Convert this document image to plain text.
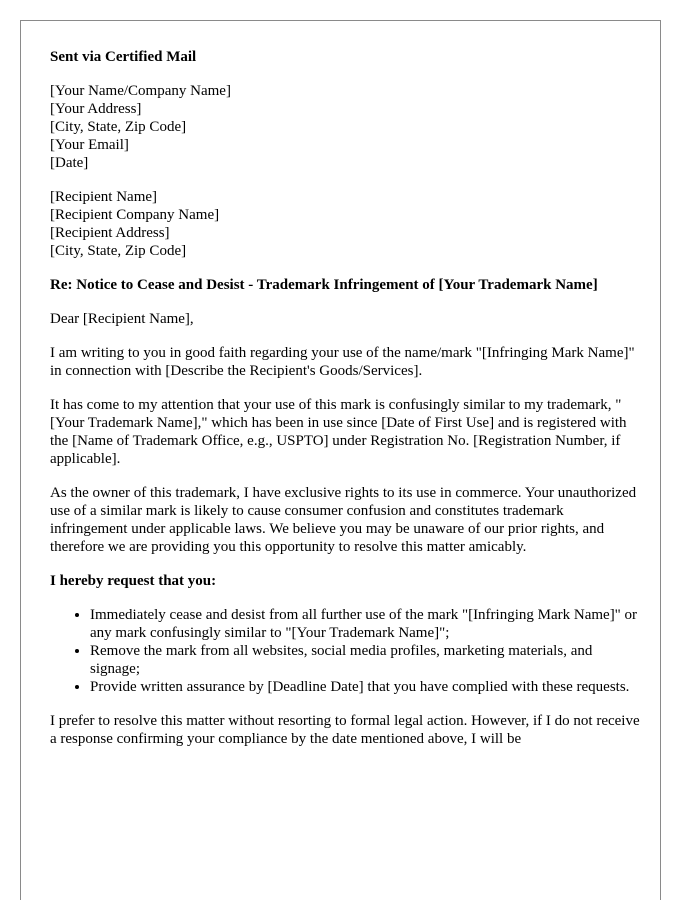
Sent via Certified Mail

[Your Name/Company Name]
[Your Address]
[City, State, Zip Code]
[Your Email]
[Date]

[Recipient Name]
[Recipient Company Name]
[Recipient Address]
[City, State, Zip Code]

Re: Notice to Cease and Desist - Trademark Infringement of [Your Trademark Name]

Dear [Recipient Name],

I am writing to you in good faith regarding your use of the name/mark "[Infringing Mark Name]" in connection with [Describe the Recipient's Goods/Services].

It has come to my attention that your use of this mark is confusingly similar to my trademark, "[Your Trademark Name]," which has been in use since [Date of First Use] and is registered with the [Name of Trademark Office, e.g., USPTO] under Registration No. [Registration Number, if applicable].

As the owner of this trademark, I have exclusive rights to its use in commerce. Your unauthorized use of a similar mark is likely to cause consumer confusion and constitutes trademark infringement under applicable laws. We believe you may be unaware of our prior rights, and therefore we are providing you this opportunity to resolve this matter amicably.

I hereby request that you:

• Immediately cease and desist from all further use of the mark "[Infringing Mark Name]" or any mark confusingly similar to "[Your Trademark Name]";
• Remove the mark from all websites, social media profiles, marketing materials, and signage;
• Provide written assurance by [Deadline Date] that you have complied with these requests.

I prefer to resolve this matter without resorting to formal legal action. However, if I do not receive a response confirming your compliance by the date mentioned above, I will be
